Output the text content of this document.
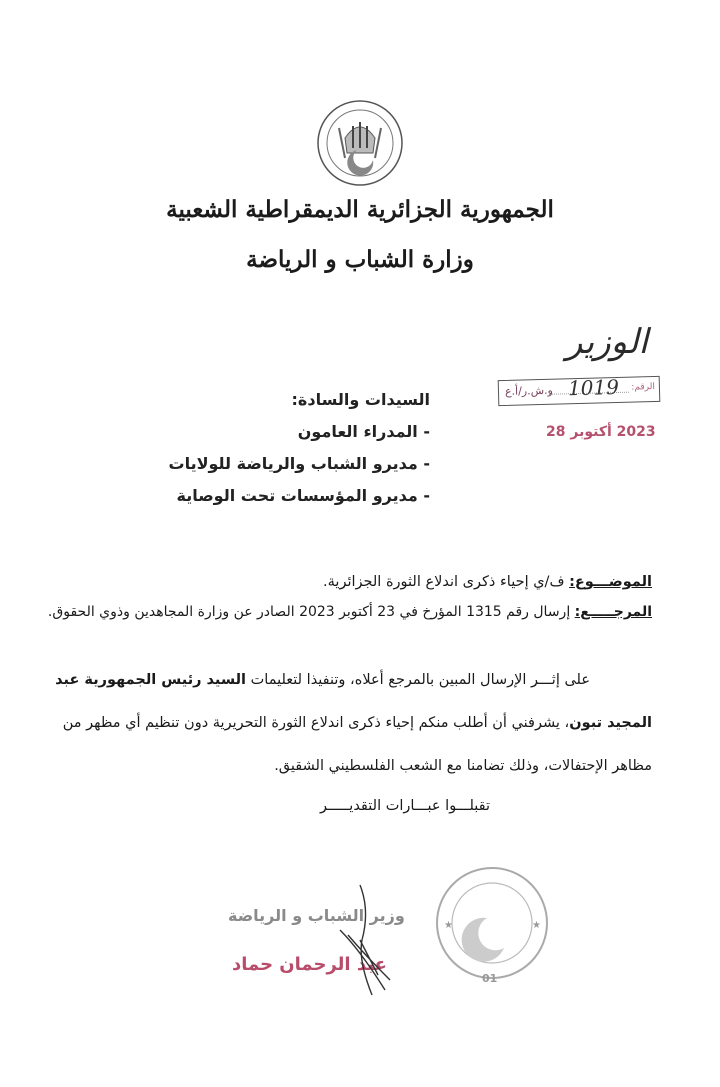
الجمهورية الجزائرية الديمقراطية الشعبية
وزارة الشباب و الرياضة
الوزير
الرقم:
1019
و.ش.ر/أ.ع
2023 أكتوبر 28
السيدات والسادة:
- المدراء العامون
- مديرو الشباب والرياضة للولايات
- مديرو المؤسسات تحت الوصاية
الموضـــوع: ف/ي إحياء ذكرى اندلاع الثورة الجزائرية.
المرجـــــع: إرسال رقم 1315 المؤرخ في 23 أكتوبر 2023 الصادر عن وزارة المجاهدين وذوي الحقوق.
على إثـــر الإرسال المبين بالمرجع أعلاه، وتنفيذا لتعليمات السيد رئيس الجمهورية عبد
المجيد تبون، يشرفني أن أطلب منكم إحياء ذكرى اندلاع الثورة التحريرية دون تنظيم أي مظهر من
مظاهر الإحتفالات، وذلك تضامنا مع الشعب الفلسطيني الشقيق.
تقبلـــوا عبـــارات التقديـــــر
وزير الشباب و الرياضة
عبد الرحمان حماد
★	★
01
